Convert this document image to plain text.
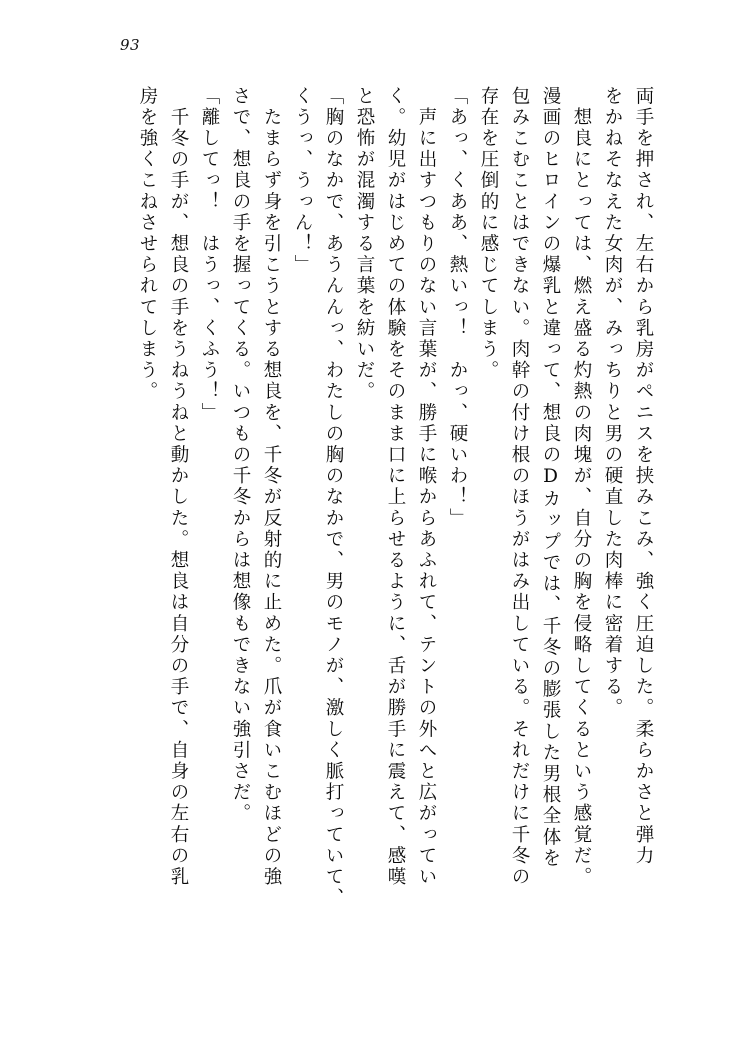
93
両手を押され、左右から乳房がペニスを挟みこみ、強く圧迫した。柔らかさと弾力
をかねそなえた女肉が、みっちりと男の硬直した肉棒に密着する。
　想良にとっては、燃え盛る灼熱の肉塊が、自分の胸を侵略してくるという感覚だ。
漫画のヒロインの爆乳と違って、想良のDカップでは、千冬の膨張した男根全体を
包みこむことはできない。肉幹の付け根のほうがはみ出している。それだけに千冬の
存在を圧倒的に感じてしまう。
「あっ、くああ、熱いっ！　かっ、硬いわ！」
　声に出すつもりのない言葉が、勝手に喉からあふれて、テントの外へと広がってい
く。幼児がはじめての体験をそのまま口に上らせるように、舌が勝手に震えて、感嘆
と恐怖が混濁する言葉を紡いだ。
「胸のなかで、あうんんっ、わたしの胸のなかで、男のモノが、激しく脈打っていて、
くうっ、うっん！」
　たまらず身を引こうとする想良を、千冬が反射的に止めた。爪が食いこむほどの強
さで、想良の手を握ってくる。いつもの千冬からは想像もできない強引さだ。
「離してっ！　はうっ、くふう！」
　千冬の手が、想良の手をうねうねと動かした。想良は自分の手で、自身の左右の乳
房を強くこねさせられてしまう。
